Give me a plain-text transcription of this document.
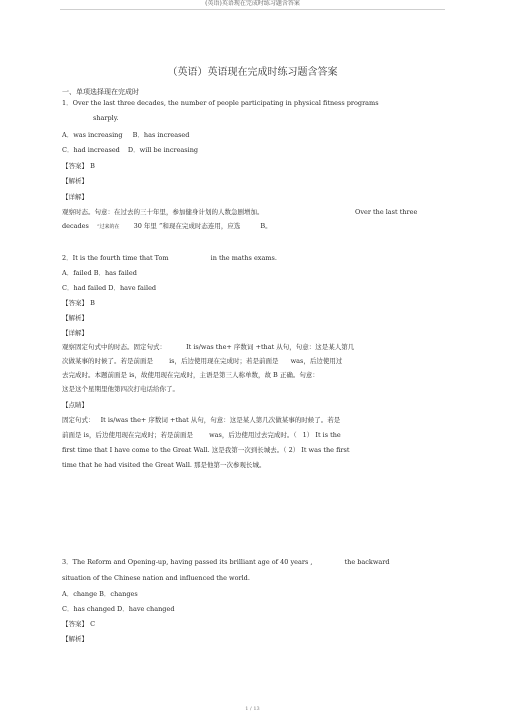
(英语)英语现在完成时练习题含答案
（英语）英语现在完成时练习题含答案
一、单项选择现在完成时
1．Over the last three decades, the number of people participating in physical fitness programs
sharply.
A．was increasing B．has increased
C．had increased D．will be increasing
【答案】 B
【解析】
【详解】
观察时态。句意：在过去的三十年里，参加健身计划的人数急剧增加。	Over the last three
decades “过来的在 30 年里 ”和现在完成时态连用，应选	B。
2．It is the fourth time that Tom	in the maths exams.
A．failed B．has failed
C．had failed D．have failed
【答案】 B
【解析】
【详解】
观察固定句式中的时态。固定句式：	It is/was the+ 序数词 +that 从句，句意：这是某人第几
次做某事的时候了。若是前面是 is，后边使用现在完成时；若是前面是 was，后边使用过
去完成时。本题前面是 is，故使用现在完成时，主语是第三人称单数，故 B 正确。句意：
这是这个星期里他第四次打电话给你了。
【点睛】
固定句式： It is/was the+ 序数词 +that 从句，句意：这是某人第几次做某事的时候了。若是
前面是 is，后边使用现在完成时；若是前面是 was，后边使用过去完成时。（ 1） It is the
first time that I have come to the Great Wall. 这是我第一次到长城去。（ 2） It was the first
time that he had visited the Great Wall. 那是他第一次参观长城。
3．The Reform and Opening-up, having passed its brilliant age of 40 years ,	the backward
situation of the Chinese nation and influenced the world.
A．change B．changes
C．has changed D．have changed
【答案】 C
【解析】
1 / 13
